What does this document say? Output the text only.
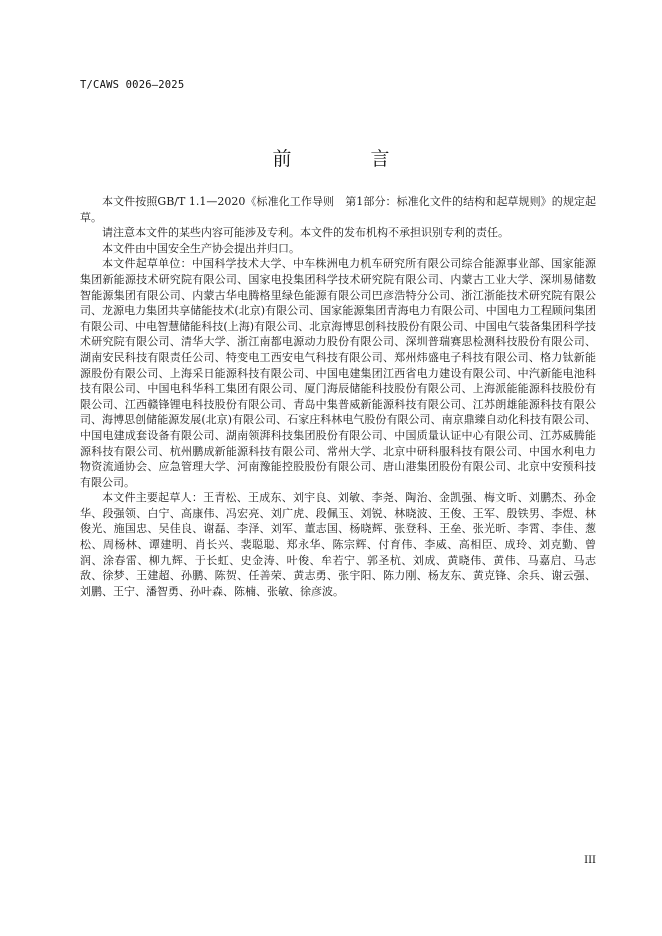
T/CAWS 0026—2025
前　言

本文件按照GB/T 1.1—2020《标准化工作导则　第1部分：标准化文件的结构和起草规则》的规定起草。

请注意本文件的某些内容可能涉及专利。本文件的发布机构不承担识别专利的责任。

本文件由中国安全生产协会提出并归口。

本文件起草单位：中国科学技术大学、中车株洲电力机车研究所有限公司综合能源事业部、国家能源集团新能源技术研究院有限公司、国家电投集团科学技术研究院有限公司、内蒙古工业大学、深圳易储数智能源集团有限公司、内蒙古华电腾格里绿色能源有限公司巴彦浩特分公司、浙江浙能技术研究院有限公司、龙源电力集团共享储能技术(北京)有限公司、国家能源集团青海电力有限公司、中国电力工程顾问集团有限公司、中电智慧储能科技(上海)有限公司、北京海博思创科技股份有限公司、中国电气装备集团科学技术研究院有限公司、清华大学、浙江南都电源动力股份有限公司、深圳普瑞赛思检测科技股份有限公司、湖南安民科技有限责任公司、特变电工西安电气科技有限公司、郑州炜盛电子科技有限公司、格力钛新能源股份有限公司、上海采日能源科技有限公司、中国电建集团江西省电力建设有限公司、中汽新能电池科技有限公司、中国电科华科工集团有限公司、厦门海辰储能科技股份有限公司、上海派能能源科技股份有限公司、江西赣锋锂电科技股份有限公司、青岛中集普威新能源科技有限公司、江苏朗雄能源科技有限公司、海博思创储能源发展(北京)有限公司、石家庄科林电气股份有限公司、南京鼎臻自动化科技有限公司、中国电建成套设备有限公司、湖南领湃科技集团股份有限公司、中国质量认证中心有限公司、江苏威腾能源科技有限公司、杭州鹏成新能源科技有限公司、常州大学、北京中研科服科技有限公司、中国水利电力物资流通协会、应急管理大学、河南豫能控股股份有限公司、唐山港集团股份有限公司、北京中安预科技有限公司。

本文件主要起草人：王青松、王成东、刘宇良、刘敏、李尧、陶治、金凯强、梅文昕、刘鹏杰、孙金华、段强领、白宁、高康伟、冯宏亮、刘广虎、段佩玉、刘锐、林晓波、王俊、王军、殷铁男、李煜、林俊光、施国忠、吴佳良、谢磊、李泽、刘军、董志国、杨晓辉、张登科、王垒、张光昕、李霄、李佳、葱松、周杨林、谭建明、肖长兴、裴聪聪、郑永华、陈宗辉、付育伟、李威、高相臣、成玲、刘克勤、曾润、涂春雷、柳九辉、于长虹、史金涛、叶俊、牟若宁、郭圣杭、刘成、黄晓伟、黄伟、马嘉启、马志敌、徐梦、王建超、孙鹏、陈贺、任善荣、黄志勇、张宇阳、陈力刚、杨友东、黄克锋、余兵、谢云强、刘鹏、王宁、潘智勇、孙叶森、陈楠、张敏、徐彦波。

III
